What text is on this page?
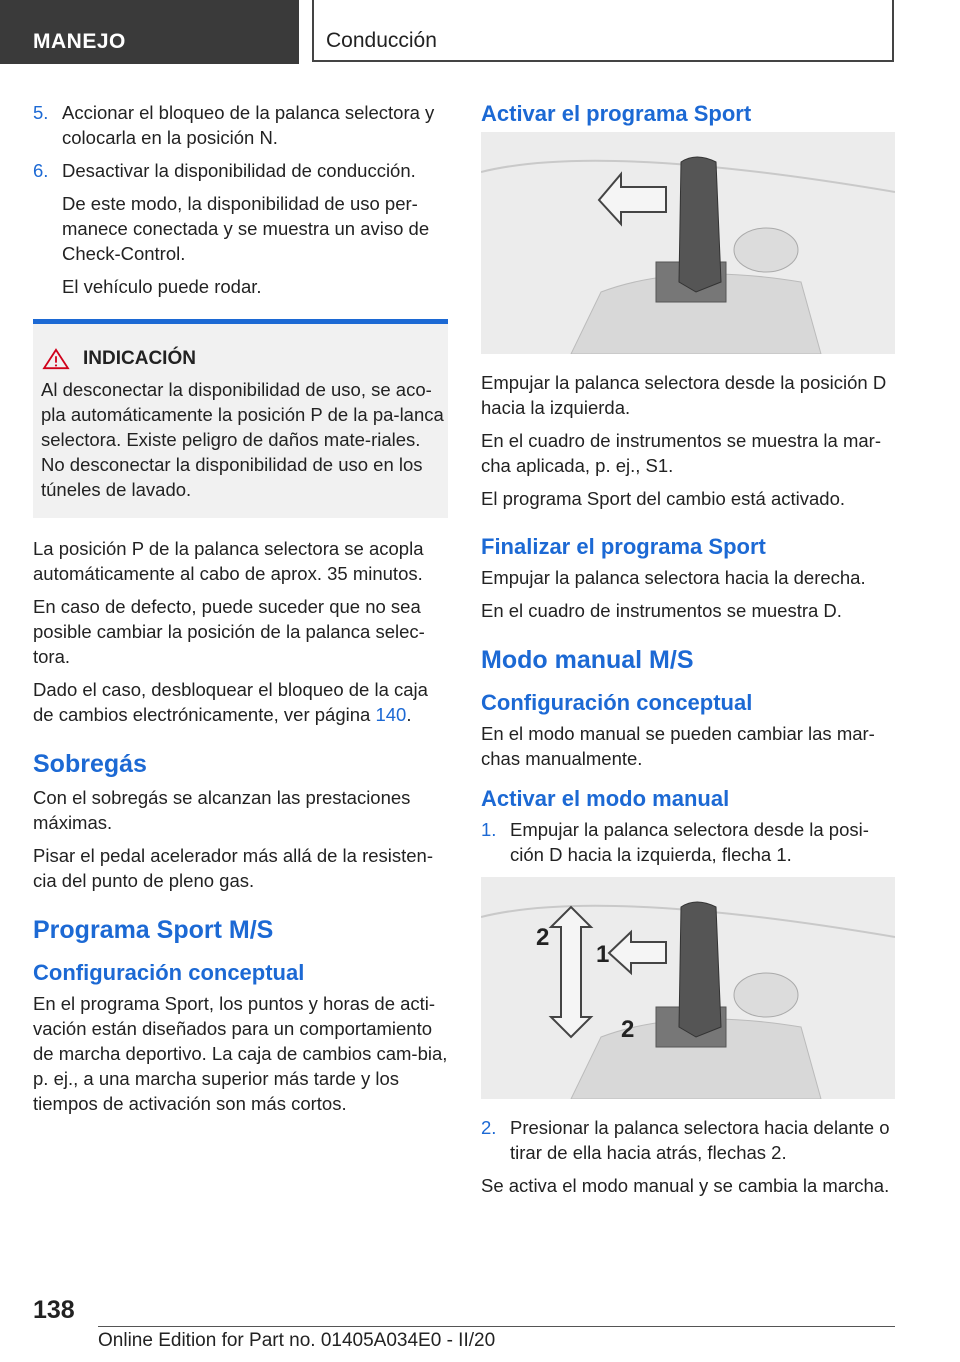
MANEJO	Conducción
5. Accionar el bloqueo de la palanca selectora y colocarla en la posición N.
6. Desactivar la disponibilidad de conducción.

De este modo, la disponibilidad de uso per-manece conectada y se muestra un aviso de Check-Control.

El vehículo puede rodar.

INDICACIÓN
Al desconectar la disponibilidad de uso, se aco-pla automáticamente la posición P de la pa-lanca selectora. Existe peligro de daños mate-riales. No desconectar la disponibilidad de uso en los túneles de lavado.

La posición P de la palanca selectora se acopla automáticamente al cabo de aprox. 35 minutos.

En caso de defecto, puede suceder que no sea posible cambiar la posición de la palanca selec-tora.

Dado el caso, desbloquear el bloqueo de la caja de cambios electrónicamente, ver página 140.

Sobregás

Con el sobregás se alcanzan las prestaciones máximas.

Pisar el pedal acelerador más allá de la resisten-cia del punto de pleno gas.

Programa Sport M/S
Configuración conceptual

En el programa Sport, los puntos y horas de acti-vación están diseñados para un comportamiento de marcha deportivo. La caja de cambios cam-bia, p. ej., a una marcha superior más tarde y los tiempos de activación son más cortos.

Activar el programa Sport

Empujar la palanca selectora desde la posición D hacia la izquierda.

En el cuadro de instrumentos se muestra la mar-cha aplicada, p. ej., S1.

El programa Sport del cambio está activado.

Finalizar el programa Sport

Empujar la palanca selectora hacia la derecha.

En el cuadro de instrumentos se muestra D.

Modo manual M/S
Configuración conceptual

En el modo manual se pueden cambiar las mar-chas manualmente.

Activar el modo manual
1. Empujar la palanca selectora desde la posi-ción D hacia la izquierda, flecha 1.
1
2
2
2. Presionar la palanca selectora hacia delante o tirar de ella hacia atrás, flechas 2.

Se activa el modo manual y se cambia la marcha.

138
Online Edition for Part no. 01405A034E0 - II/20
